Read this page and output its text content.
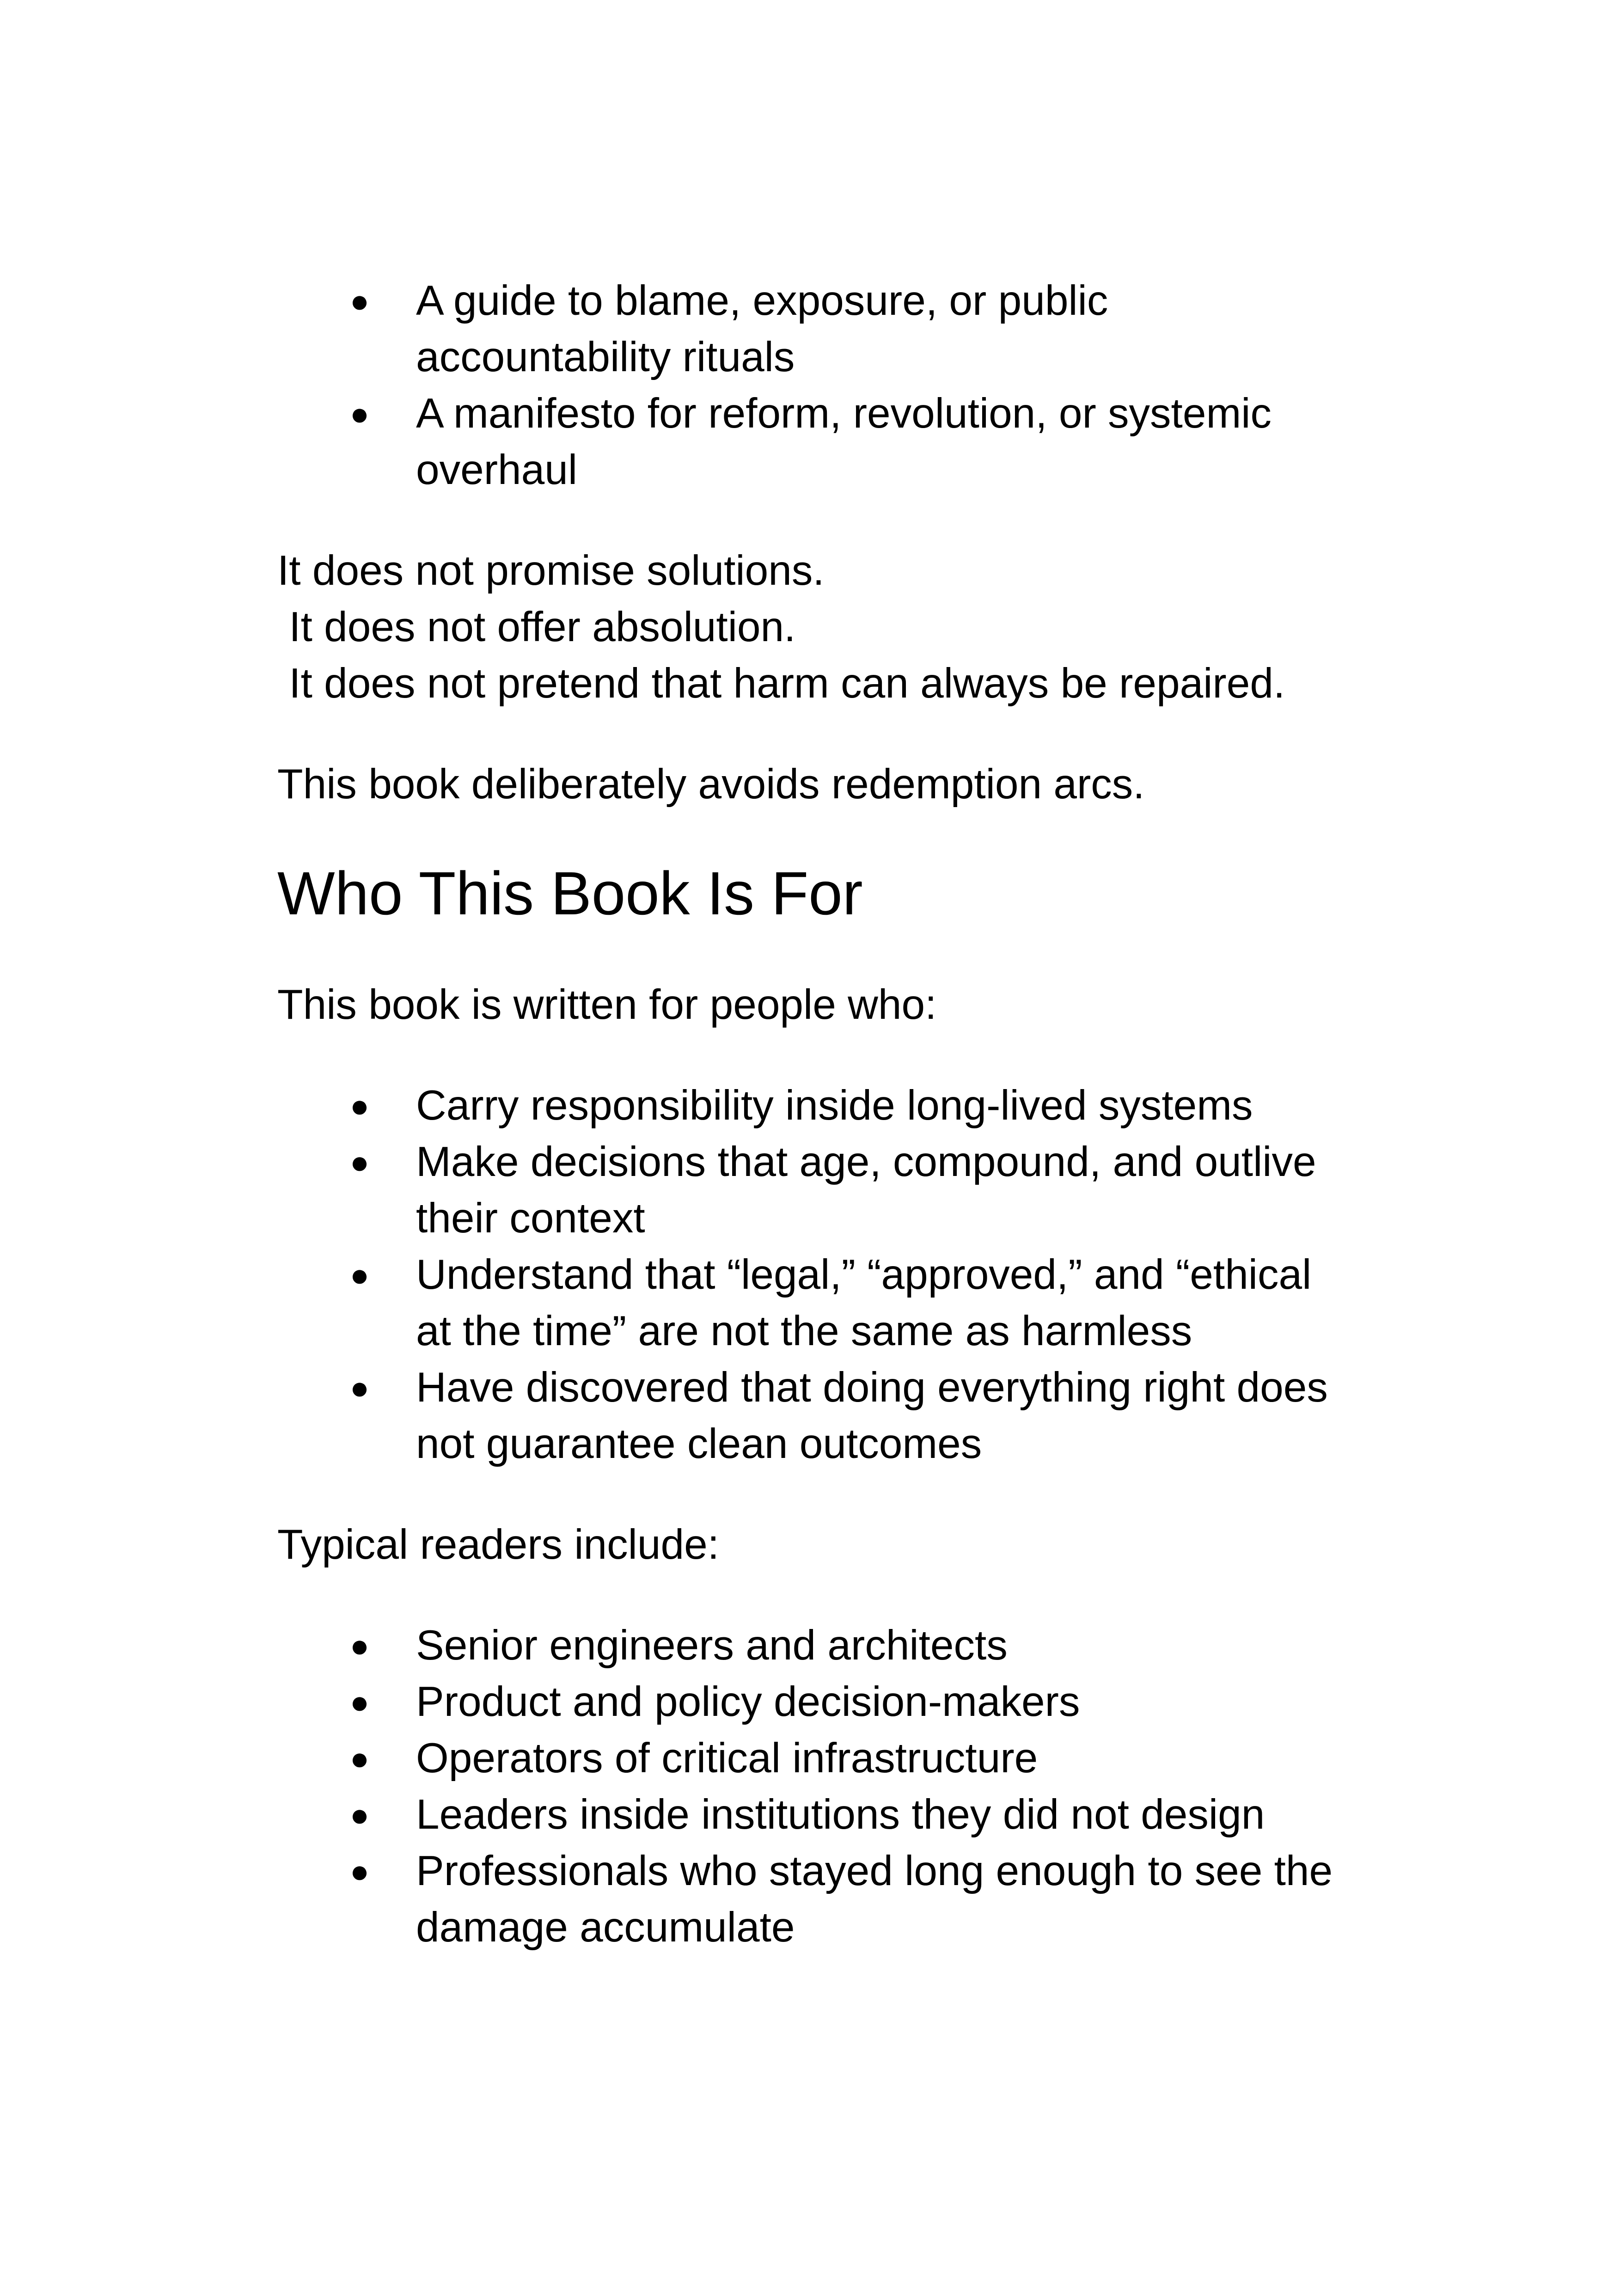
● A guide to blame, exposure, or public accountability rituals
● A manifesto for reform, revolution, or systemic overhaul

It does not promise solutions.

It does not offer absolution.

It does not pretend that harm can always be repaired.

This book deliberately avoids redemption arcs.

Who This Book Is For

This book is written for people who:

● Carry responsibility inside long-lived systems
● Make decisions that age, compound, and outlive their context
● Understand that “legal,” “approved,” and “ethical at the time” are not the same as harmless
● Have discovered that doing everything right does not guarantee clean outcomes

Typical readers include:

● Senior engineers and architects
● Product and policy decision-makers
● Operators of critical infrastructure
● Leaders inside institutions they did not design
● Professionals who stayed long enough to see the damage accumulate
